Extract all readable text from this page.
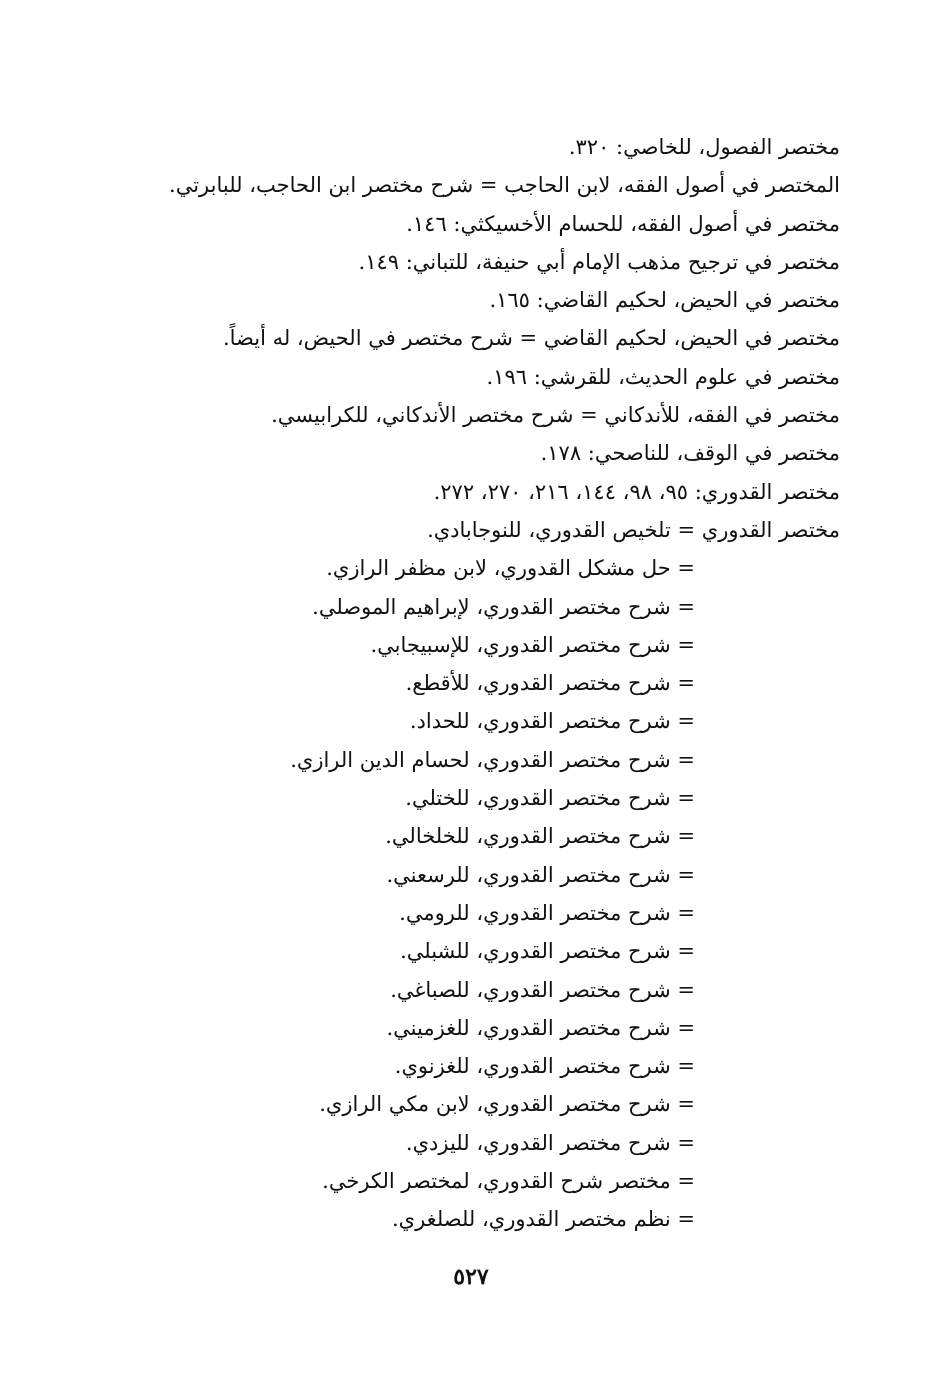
مختصر الفصول، للخاصي: ٣٢٠.
المختصر في أصول الفقه، لابن الحاجب = شرح مختصر ابن الحاجب، للبابرتي.
مختصر في أصول الفقه، للحسام الأخسيكثي: ١٤٦.
مختصر في ترجيح مذهب الإمام أبي حنيفة، للتباني: ١٤٩.
مختصر في الحيض، لحكيم القاضي: ١٦٥.
مختصر في الحيض، لحكيم القاضي = شرح مختصر في الحيض، له أيضاً.
مختصر في علوم الحديث، للقرشي: ١٩٦.
مختصر في الفقه، للأندكاني = شرح مختصر الأندكاني، للكرابيسي.
مختصر في الوقف، للناصحي: ١٧٨.
مختصر القدوري: ٩٥، ٩٨، ١٤٤، ٢١٦، ٢٧٠، ٢٧٢.
مختصر القدوري = تلخيص القدوري، للنوجابادي.
= حل مشكل القدوري، لابن مظفر الرازي.
= شرح مختصر القدوري، لإبراهيم الموصلي.
= شرح مختصر القدوري، للإسبيجابي.
= شرح مختصر القدوري، للأقطع.
= شرح مختصر القدوري، للحداد.
= شرح مختصر القدوري، لحسام الدين الرازي.
= شرح مختصر القدوري، للختلي.
= شرح مختصر القدوري، للخلخالي.
= شرح مختصر القدوري، للرسعني.
= شرح مختصر القدوري، للرومي.
= شرح مختصر القدوري، للشبلي.
= شرح مختصر القدوري، للصباغي.
= شرح مختصر القدوري، للغزميني.
= شرح مختصر القدوري، للغزنوي.
= شرح مختصر القدوري، لابن مكي الرازي.
= شرح مختصر القدوري، لليزدي.
= مختصر شرح القدوري، لمختصر الكرخي.
= نظم مختصر القدوري، للصلغري.
٥٢٧
